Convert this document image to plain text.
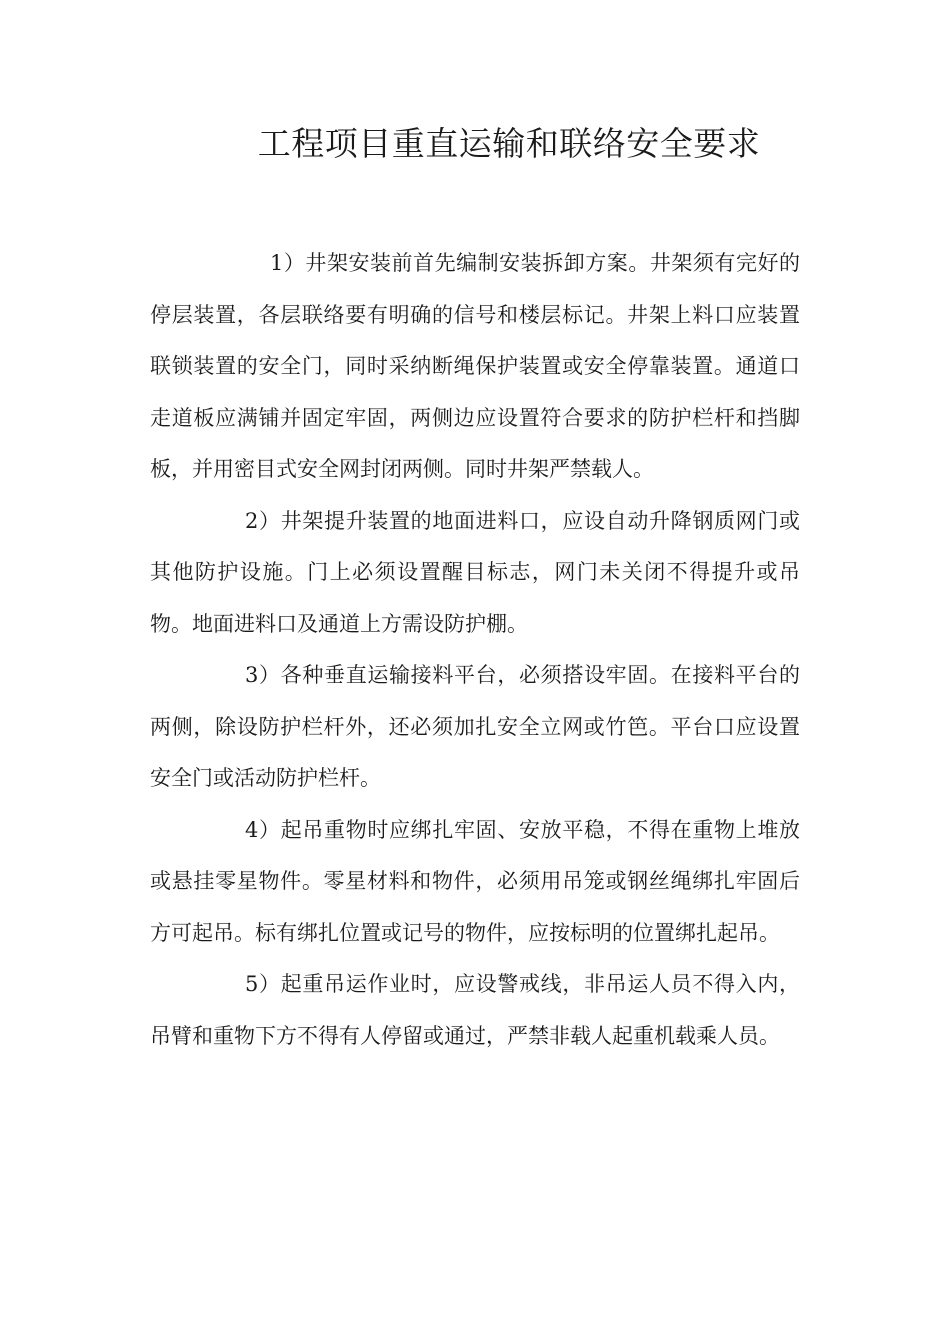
工程项目重直运输和联络安全要求

1）井架安装前首先编制安装拆卸方案。井架须有完好的停层装置，各层联络要有明确的信号和楼层标记。井架上料口应装置联锁装置的安全门，同时采纳断绳保护装置或安全停靠装置。通道口走道板应满铺并固定牢固，两侧边应设置符合要求的防护栏杆和挡脚板，并用密目式安全网封闭两侧。同时井架严禁载人。

2）井架提升装置的地面进料口，应设自动升降钢质网门或其他防护设施。门上必须设置醒目标志，网门未关闭不得提升或吊物。地面进料口及通道上方需设防护棚。

3）各种垂直运输接料平台，必须搭设牢固。在接料平台的两侧，除设防护栏杆外，还必须加扎安全立网或竹笆。平台口应设置安全门或活动防护栏杆。

4）起吊重物时应绑扎牢固、安放平稳，不得在重物上堆放或悬挂零星物件。零星材料和物件，必须用吊笼或钢丝绳绑扎牢固后方可起吊。标有绑扎位置或记号的物件，应按标明的位置绑扎起吊。

5）起重吊运作业时，应设警戒线，非吊运人员不得入内，吊臂和重物下方不得有人停留或通过，严禁非载人起重机载乘人员。
